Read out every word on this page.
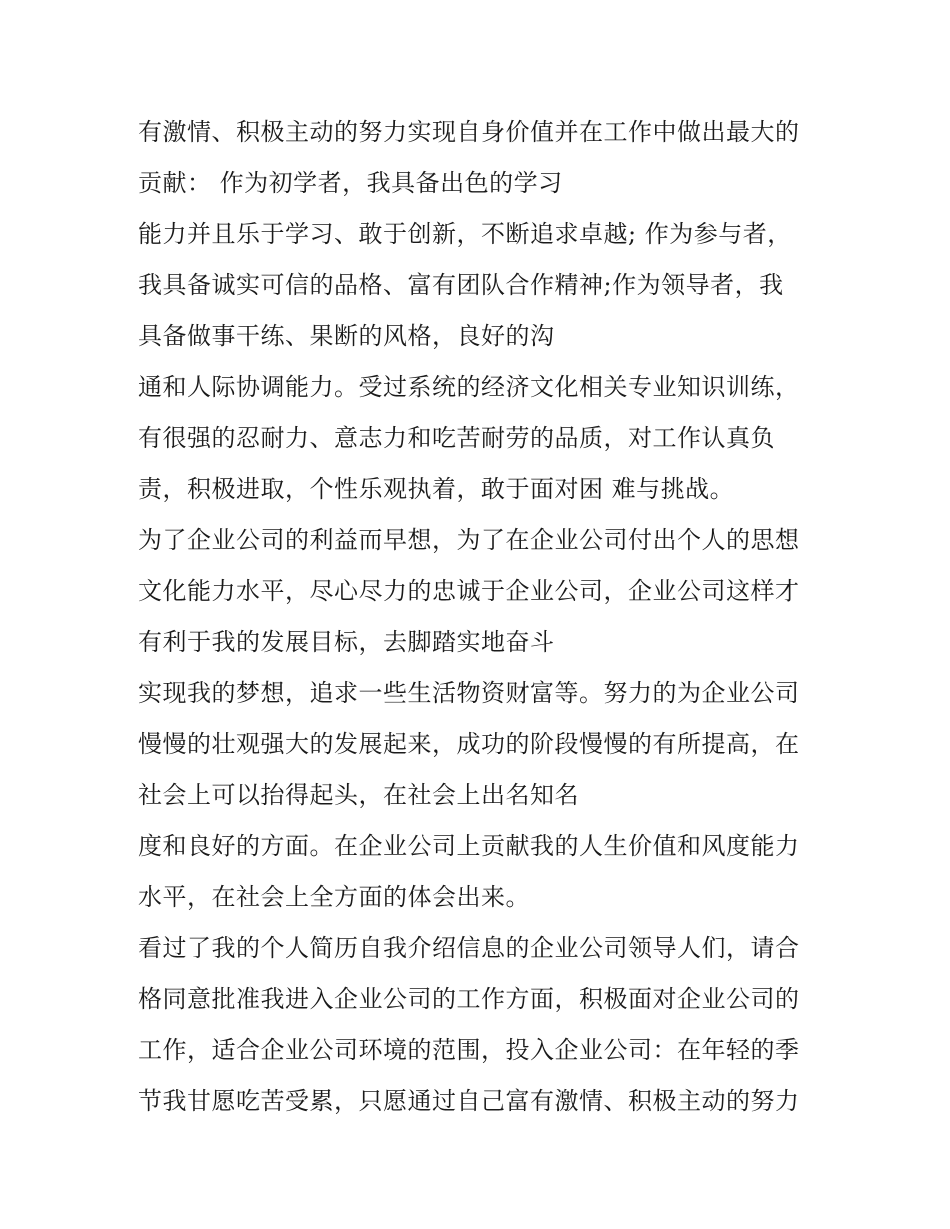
有激情、积极主动的努力实现自身价值并在工作中做出最大的
贡献： 作为初学者，我具备出色的学习
能力并且乐于学习、敢于创新，不断追求卓越; 作为参与者，
我具备诚实可信的品格、富有团队合作精神;作为领导者，我
具备做事干练、果断的风格，良好的沟
通和人际协调能力。受过系统的经济文化相关专业知识训练，
有很强的忍耐力、意志力和吃苦耐劳的品质，对工作认真负
责，积极进取，个性乐观执着，敢于面对困 难与挑战。
为了企业公司的利益而早想，为了在企业公司付出个人的思想
文化能力水平，尽心尽力的忠诚于企业公司，企业公司这样才
有利于我的发展目标，去脚踏实地奋斗
实现我的梦想，追求一些生活物资财富等。努力的为企业公司
慢慢的壮观强大的发展起来，成功的阶段慢慢的有所提高，在
社会上可以抬得起头，在社会上出名知名
度和良好的方面。在企业公司上贡献我的人生价值和风度能力
水平，在社会上全方面的体会出来。
看过了我的个人简历自我介绍信息的企业公司领导人们，请合
格同意批准我进入企业公司的工作方面，积极面对企业公司的
工作，适合企业公司环境的范围，投入企业公司：在年轻的季
节我甘愿吃苦受累，只愿通过自己富有激情、积极主动的努力
